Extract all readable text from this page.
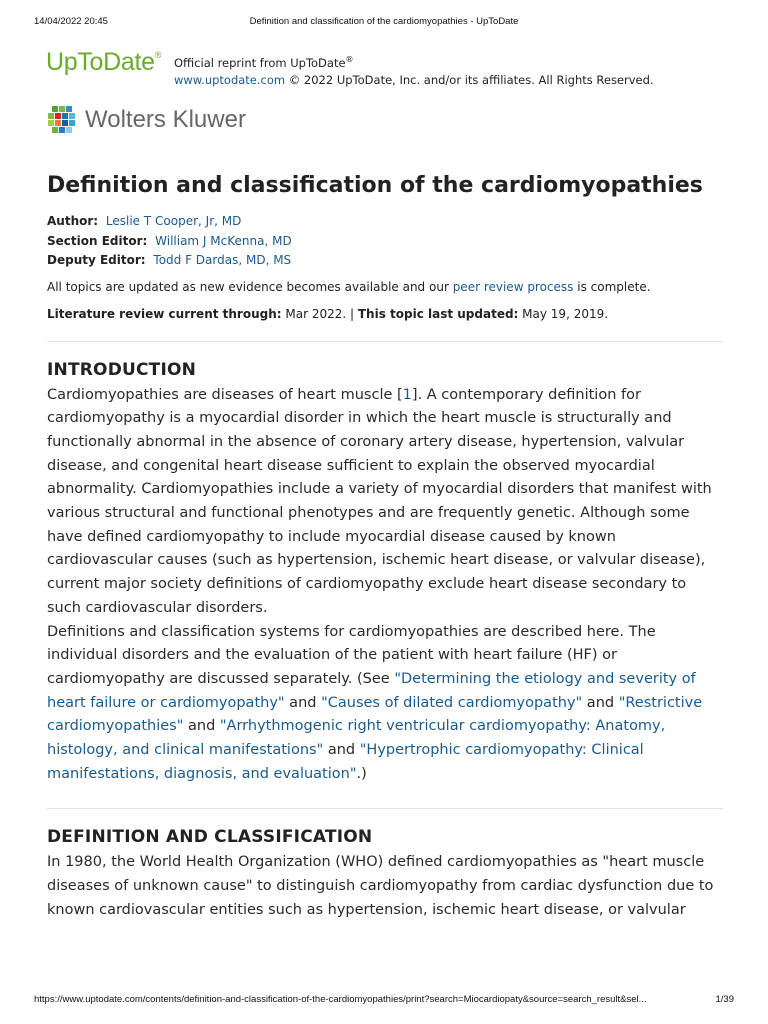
14/04/2022 20:45	Definition and classification of the cardiomyopathies - UpToDate
UpToDate®
Official reprint from UpToDate®
www.uptodate.com © 2022 UpToDate, Inc. and/or its affiliates. All Rights Reserved.
Wolters Kluwer
Definition and classification of the cardiomyopathies
Author: Leslie T Cooper, Jr, MD
Section Editor: William J McKenna, MD
Deputy Editor: Todd F Dardas, MD, MS
All topics are updated as new evidence becomes available and our peer review process is complete.
Literature review current through: Mar 2022. | This topic last updated: May 19, 2019.
INTRODUCTION

Cardiomyopathies are diseases of heart muscle [1]. A contemporary definition for cardiomyopathy is a myocardial disorder in which the heart muscle is structurally and functionally abnormal in the absence of coronary artery disease, hypertension, valvular disease, and congenital heart disease sufficient to explain the observed myocardial abnormality. Cardiomyopathies include a variety of myocardial disorders that manifest with various structural and functional phenotypes and are frequently genetic. Although some have defined cardiomyopathy to include myocardial disease caused by known cardiovascular causes (such as hypertension, ischemic heart disease, or valvular disease), current major society definitions of cardiomyopathy exclude heart disease secondary to such cardiovascular disorders.

Definitions and classification systems for cardiomyopathies are described here. The individual disorders and the evaluation of the patient with heart failure (HF) or cardiomyopathy are discussed separately. (See "Determining the etiology and severity of heart failure or cardiomyopathy" and "Causes of dilated cardiomyopathy" and "Restrictive cardiomyopathies" and "Arrhythmogenic right ventricular cardiomyopathy: Anatomy, histology, and clinical manifestations" and "Hypertrophic cardiomyopathy: Clinical manifestations, diagnosis, and evaluation".)

DEFINITION AND CLASSIFICATION

In 1980, the World Health Organization (WHO) defined cardiomyopathies as "heart muscle diseases of unknown cause" to distinguish cardiomyopathy from cardiac dysfunction due to known cardiovascular entities such as hypertension, ischemic heart disease, or valvular

https://www.uptodate.com/contents/definition-and-classification-of-the-cardiomyopathies/print?search=Miocardiopaty&source=search_result&sel...	1/39
